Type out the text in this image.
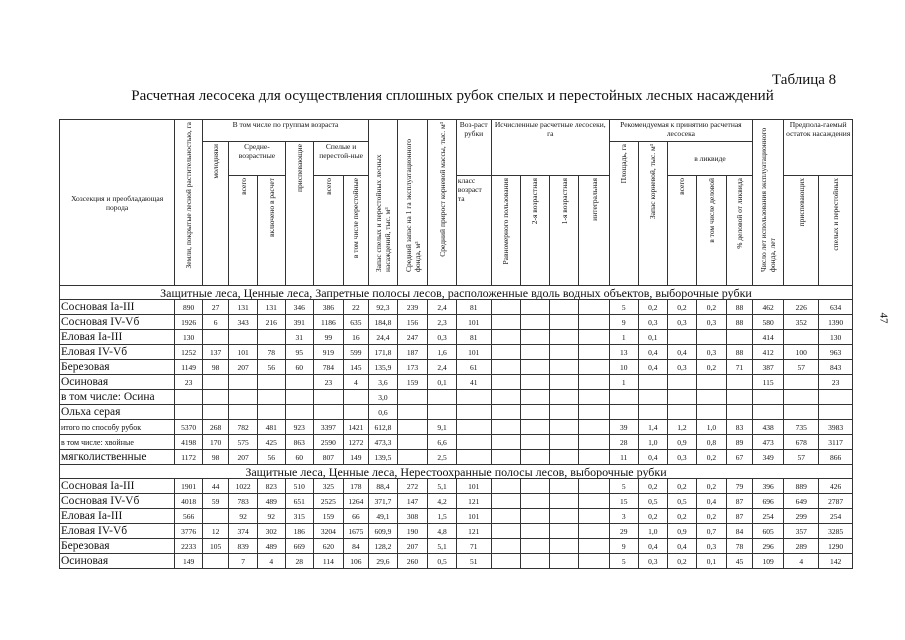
Таблица 8
Расчетная лесосека для осуществления сплошных рубок спелых и перестойных лесных насаждений
47
Хозсекция и преобладающая порода	Земли, покрытые лесной растительностью, га	В том числе по группам возраста						Запас спелых и перестойных лесных насаждений, тыс. м³	Средний запас на 1 га эксплуатационного фонда, м³	Средний прирост корневой массы, тыс. м³	Воз-раст рубки	Исчисленные расчетные лесосеки, га				Рекомендуемая к принятию расчетная лесосека					Число лет использования эксплуатационного фонда, лет	Предпола-гаемый остаток насаждения	
		молодняки	Средне-возрастные		приспевающие	Спелые и перестой-ные										Площадь, га	Запас корневой, тыс. м³	в ликвиде					
			всего	включено в расчет		всего	в том числе перестойные				класс возраст та	Равномерного пользования	2-я возрастная	1-я возрастная	интегральная			всего	в том числе деловой	% деловой от ликвида		приспевающих	спелых и перестойных
Защитные леса, Ценные леса, Запретные полосы лесов, расположенные вдоль водных объектов, выборочные рубки																							
Сосновая Ia-III	890	27	131	131	346	386	22	92,3	239	2,4	81					5	0,2	0,2	0,2	88	462	226	634
Сосновая IV-Vб	1926	6	343	216	391	1186	635	184,8	156	2,3	101					9	0,3	0,3	0,3	88	580	352	1390
Еловая Ia-III	130				31	99	16	24,4	247	0,3	81					1	0,1				414		130
Еловая IV-Vб	1252	137	101	78	95	919	599	171,8	187	1,6	101					13	0,4	0,4	0,3	88	412	100	963
Березовая	1149	98	207	56	60	784	145	135,9	173	2,4	61					10	0,4	0,3	0,2	71	387	57	843
Осиновая	23					23	4	3,6	159	0,1	41					1					115		23
в том числе: Осина								3,0															
Ольха серая								0,6															
итого по способу рубок	5370	268	782	481	923	3397	1421	612,8		9,1						39	1,4	1,2	1,0	83	438	735	3983
в том числе: хвойные	4198	170	575	425	863	2590	1272	473,3		6,6						28	1,0	0,9	0,8	89	473	678	3117
мягколиственные	1172	98	207	56	60	807	149	139,5		2,5						11	0,4	0,3	0,2	67	349	57	866
Защитные леса, Ценные леса, Нерестоохранные полосы лесов, выборочные рубки																							
Сосновая Ia-III	1901	44	1022	823	510	325	178	88,4	272	5,1	101					5	0,2	0,2	0,2	79	396	889	426
Сосновая IV-Vб	4018	59	783	489	651	2525	1264	371,7	147	4,2	121					15	0,5	0,5	0,4	87	696	649	2787
Еловая Ia-III	566		92	92	315	159	66	49,1	308	1,5	101					3	0,2	0,2	0,2	87	254	299	254
Еловая IV-Vб	3776	12	374	302	186	3204	1675	609,9	190	4,8	121					29	1,0	0,9	0,7	84	605	357	3285
Березовая	2233	105	839	489	669	620	84	128,2	207	5,1	71					9	0,4	0,4	0,3	78	296	289	1290
Осиновая	149		7	4	28	114	106	29,6	260	0,5	51					5	0,3	0,2	0,1	45	109	4	142
